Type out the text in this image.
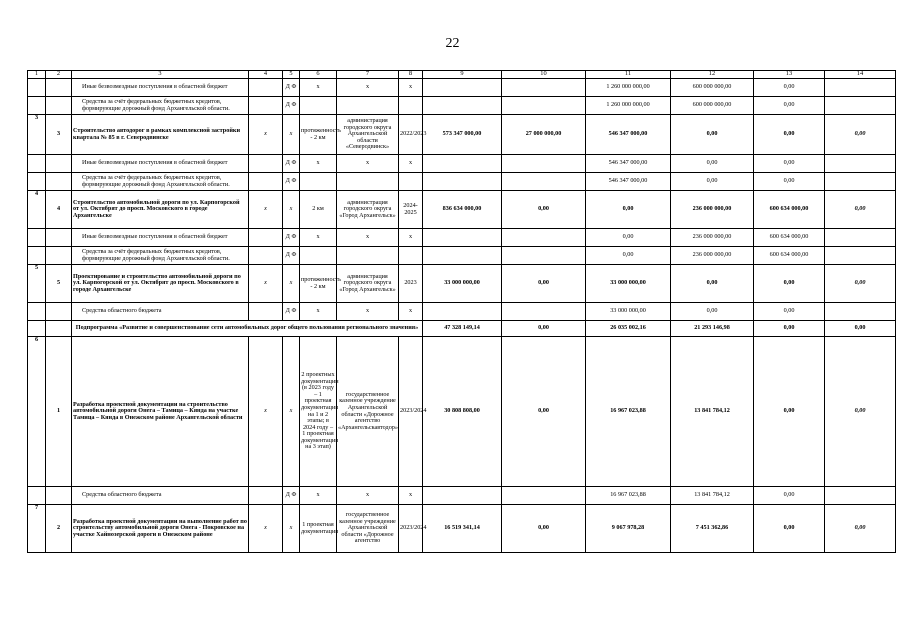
22
1	2	3	4	5	6	7	8	9	10	11	12	13	14
		Иные безвозмездные поступления в областной бюджет		Д Ф	х	х	х			1 260 000 000,00	600 000 000,00	0,00	
		Средства за счёт федеральных бюджетных кредитов, формирующие дорожный фонд Архангельской области.		Д Ф						1 260 000 000,00	600 000 000,00	0,00	
3	3	Строительство автодорог в рамках комплексной застройки квартала № 85 в г. Северодвинске	х	х	протяженность - 2 км	администрация городского округа Архангельской области «Северодвинск»	2022/2023	573 347 000,00	27 000 000,00	546 347 000,00	0,00	0,00	0,00
		Иные безвозмездные поступления в областной бюджет		Д Ф	х	х	х			546 347 000,00	0,00	0,00	
		Средства за счёт федеральных бюджетных кредитов, формирующие дорожный фонд Архангельской области.		Д Ф						546 347 000,00	0,00	0,00	
4	4	Строительство автомобильной дороги по ул. Карпогорской от ул. Октябрят до просп. Московского в городе Архангельске	х	х	2 км	администрация городского округа «Город Архангельск»	2024-2025	836 634 000,00	0,00	0,00	236 000 000,00	600 634 000,00	0,00
		Иные безвозмездные поступления в областной бюджет		Д Ф	х	х	х			0,00	236 000 000,00	600 634 000,00	
		Средства за счёт федеральных бюджетных кредитов, формирующие дорожный фонд Архангельской области.		Д Ф						0,00	236 000 000,00	600 634 000,00	
5	5	Проектирование и строительство автомобильной дороги по ул. Карпогорской от ул. Октябрят до просп. Московского в городе Архангельске	х	х	протяженность - 2 км	администрация городского округа «Город Архангельск»	2023	33 000 000,00	0,00	33 000 000,00	0,00	0,00	0,00
		Средства областного бюджета		Д Ф	х	х	х			33 000 000,00	0,00	0,00	
		Подпрограмма «Развитие и совершенствование сети автомобильных дорог общего пользования регионального значения»						47 328 149,14	0,00	26 035 002,16	21 293 146,98	0,00	0,00
6	1	Разработка проектной документации на строительство автомобильной дороги Онега – Тамица – Кянда на участке Тамица – Кянда в Онежском районе Архангельской области	х	х	2 проектных документации (в 2023 году – 1 проектная документация на 1 и 2 этапы; в 2024 году – 1 проектная документация на 3 этап)	государственное казенное учреждение Архангельской области «Дорожное агентство «Архангельскавтодор»	2023/2024	30 808 808,00	0,00	16 967 023,88	13 841 784,12	0,00	0,00
		Средства областного бюджета		Д Ф	х	х	х			16 967 023,88	13 841 784,12	0,00	
7	2	Разработка проектной документации на выполнение работ по строительству автомобильной дороги Онега - Покровское на участке Хайнозерской дороги в Онежском районе	х	х	1 проектная документация	государственное казенное учреждение Архангельской области «Дорожное агентство	2023/2024	16 519 341,14	0,00	9 067 978,28	7 451 362,86	0,00	0,00
